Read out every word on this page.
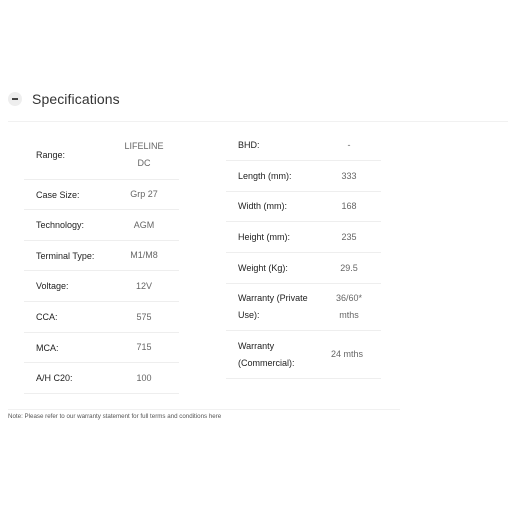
Specifications
Range:
LIFELINE DC
Case Size:	Grp 27
Technology:	AGM
Terminal Type:	M1/M8
Voltage:	12V
CCA:	575
MCA:	715
A/H C20:	100
BHD:	-
Length (mm):	333
Width (mm):	168
Height (mm):	235
Weight (Kg):	29.5
Warranty (Private Use):
36/60* mths
Warranty (Commercial):
24 mths
Note: Please refer to our warranty statement for full terms and conditions here
